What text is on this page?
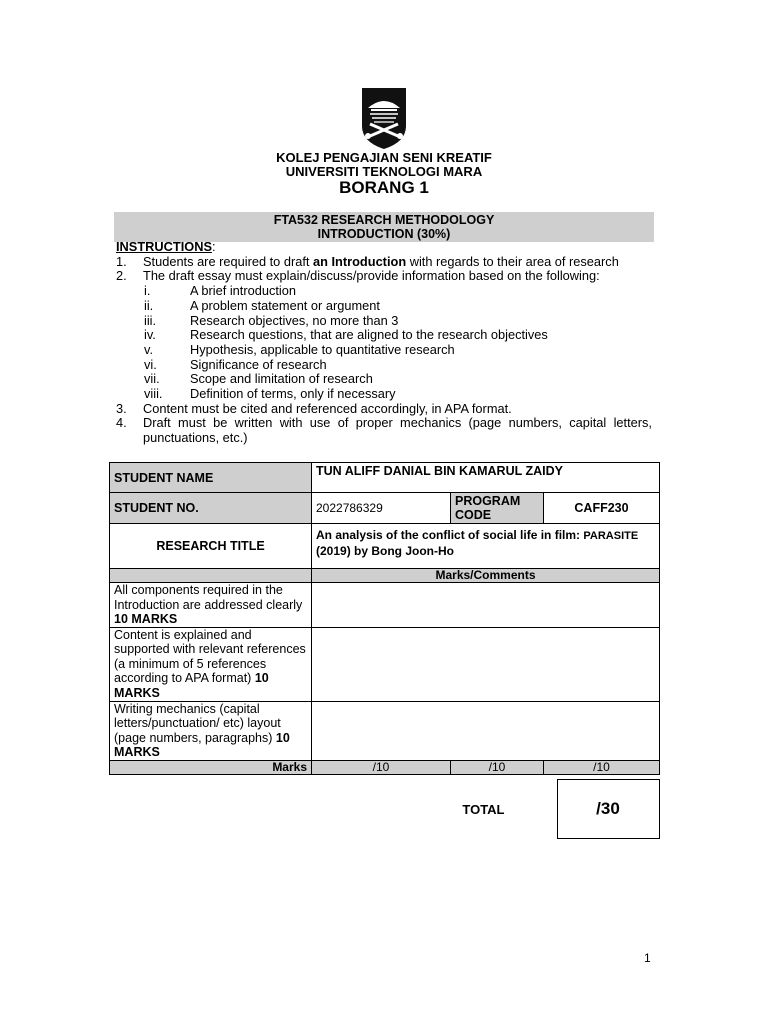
KOLEJ PENGAJIAN SENI KREATIF
UNIVERSITI TEKNOLOGI MARA
BORANG 1
FTA532 RESEARCH METHODOLOGY
INTRODUCTION (30%)
INSTRUCTIONS:
1. Students are required to draft an Introduction with regards to their area of research
2. The draft essay must explain/discuss/provide information based on the following:
i.	A brief introduction
ii.	A problem statement or argument
iii.	Research objectives, no more than 3
iv.	Research questions, that are aligned to the research objectives
v.	Hypothesis, applicable to quantitative research
vi.	Significance of research
vii. Scope and limitation of research
viii. Definition of terms, only if necessary
3. Content must be cited and referenced accordingly, in APA format.
4. Draft must be written with use of proper mechanics (page numbers, capital letters, punctuations, etc.)
STUDENT NAME	TUN ALIFF DANIAL BIN KAMARUL ZAIDY		
STUDENT NO.	2022786329	PROGRAM CODE	CAFF230
RESEARCH TITLE	An analysis of the conflict of social life in film: PARASITE (2019) by Bong Joon-Ho		
	Marks/Comments		
All components required in the Introduction are addressed clearly 10 MARKS			
Content is explained and supported with relevant references (a minimum of 5 references according to APA format) 10 MARKS			
Writing mechanics (capital letters/punctuation/ etc) layout (page numbers, paragraphs) 10 MARKS			
Marks	/10	/10	/10
TOTAL	/30
1
